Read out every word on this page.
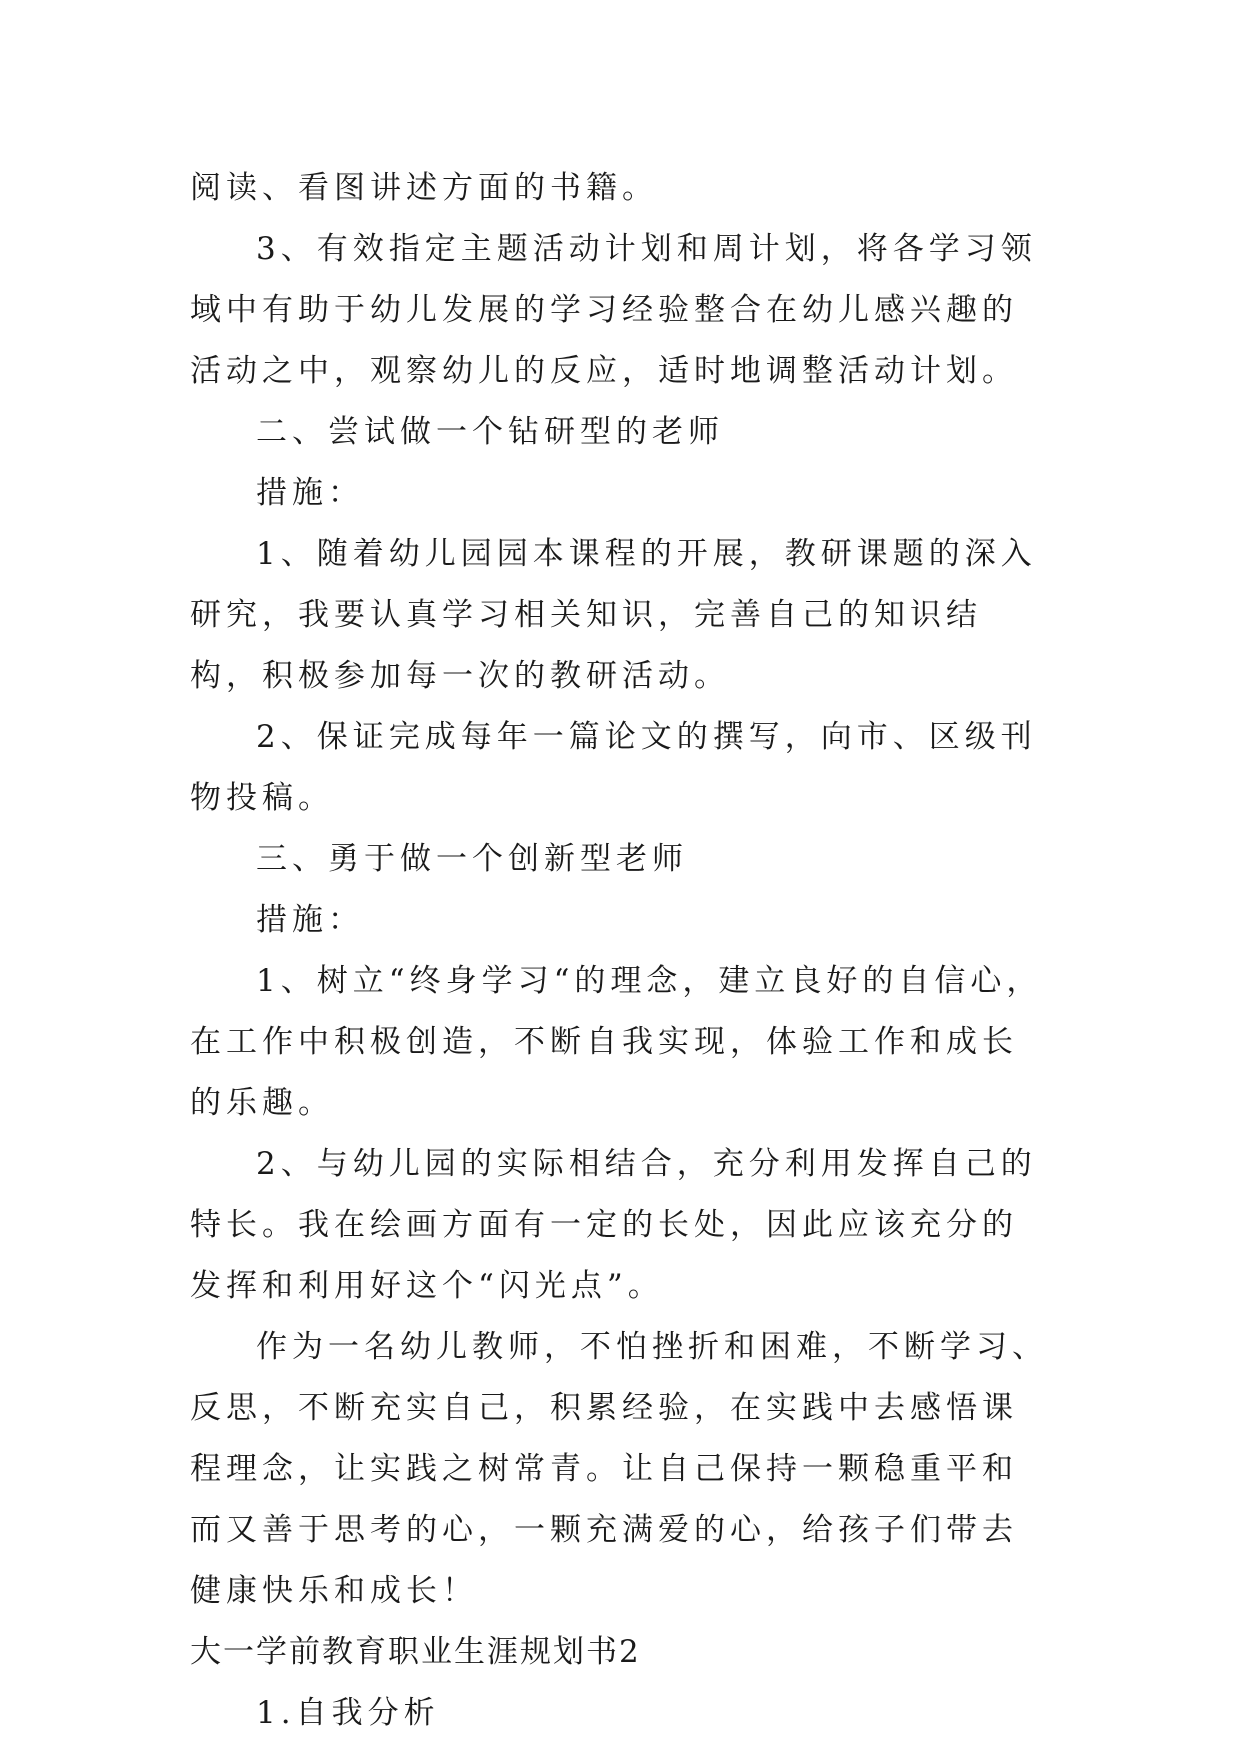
阅读、看图讲述方面的书籍。

3、有效指定主题活动计划和周计划，将各学习领域中有助于幼儿发展的学习经验整合在幼儿感兴趣的活动之中，观察幼儿的反应，适时地调整活动计划。

二、尝试做一个钻研型的老师

措施：

1、随着幼儿园园本课程的开展，教研课题的深入研究，我要认真学习相关知识，完善自己的知识结构，积极参加每一次的教研活动。

2、保证完成每年一篇论文的撰写，向市、区级刊物投稿。

三、勇于做一个创新型老师

措施：

1、树立“终身学习“的理念，建立良好的自信心，在工作中积极创造，不断自我实现，体验工作和成长的乐趣。

2、与幼儿园的实际相结合，充分利用发挥自己的特长。我在绘画方面有一定的长处，因此应该充分的发挥和利用好这个“闪光点”。

作为一名幼儿教师，不怕挫折和困难，不断学习、反思，不断充实自己，积累经验，在实践中去感悟课程理念，让实践之树常青。让自己保持一颗稳重平和而又善于思考的心，一颗充满爱的心，给孩子们带去健康快乐和成长！

大一学前教育职业生涯规划书2

1.自我分析
